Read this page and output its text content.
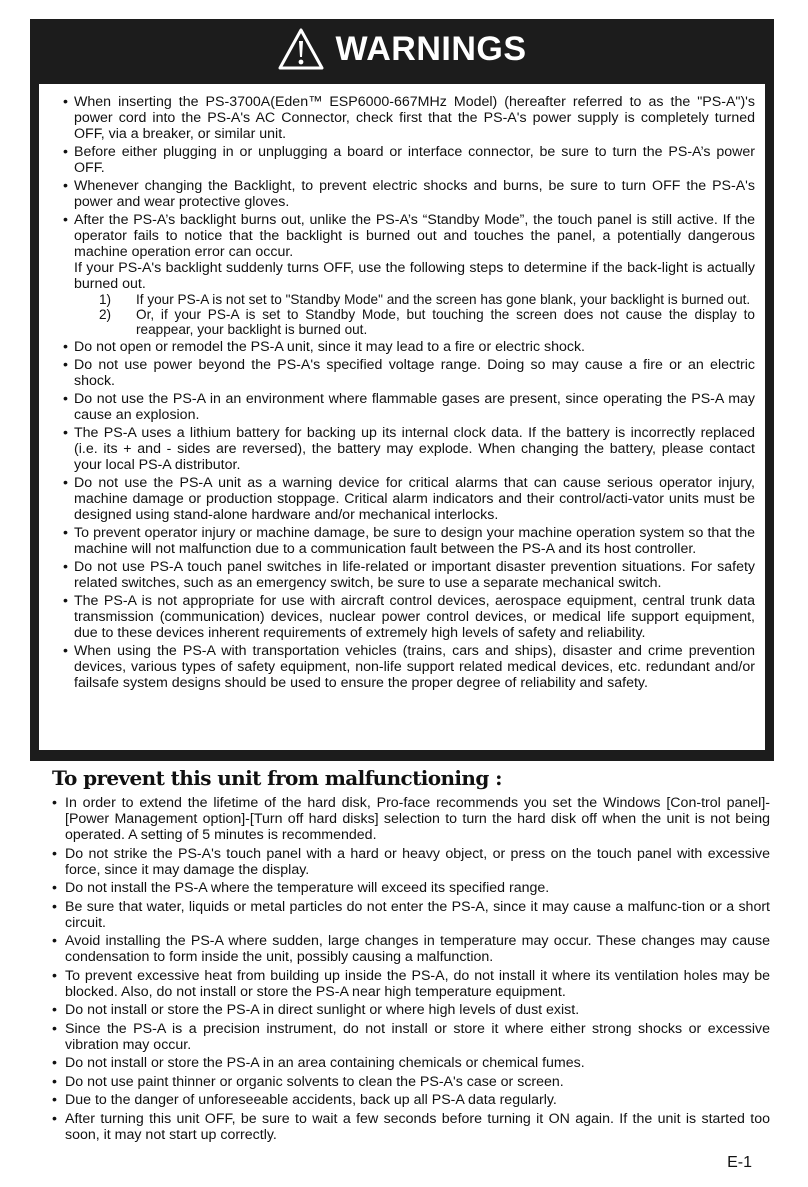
WARNINGS
• When inserting the PS-3700A(Eden™ ESP6000-667MHz Model) (hereafter referred to as the "PS-A")'s power cord into the PS-A's AC Connector, check first that the PS-A's power supply is completely turned OFF, via a breaker, or similar unit.
• Before either plugging in or unplugging a board or interface connector, be sure to turn the PS-A’s power OFF.
• Whenever changing the Backlight, to prevent electric shocks and burns, be sure to turn OFF the PS-A's power and wear protective gloves.
• After the PS-A’s backlight burns out, unlike the PS-A’s “Standby Mode”, the touch panel is still active. If the operator fails to notice that the backlight is burned out and touches the panel, a potentially dangerous machine operation error can occur.
If your PS-A's backlight suddenly turns OFF, use the following steps to determine if the back-light is actually burned out.
1) If your PS-A is not set to "Standby Mode" and the screen has gone blank, your backlight is burned out.
2) Or, if your PS-A is set to Standby Mode, but touching the screen does not cause the display to reappear, your backlight is burned out.
• Do not open or remodel the PS-A unit, since it may lead to a fire or electric shock.
• Do not use power beyond the PS-A's specified voltage range. Doing so may cause a fire or an electric shock.
• Do not use the PS-A in an environment where flammable gases are present, since operating the PS-A may cause an explosion.
• The PS-A uses a lithium battery for backing up its internal clock data. If the battery is incorrectly replaced (i.e. its + and - sides are reversed), the battery may explode. When changing the battery, please contact your local PS-A distributor.
• Do not use the PS-A unit as a warning device for critical alarms that can cause serious operator injury, machine damage or production stoppage. Critical alarm indicators and their control/acti-vator units must be designed using stand-alone hardware and/or mechanical interlocks.
• To prevent operator injury or machine damage, be sure to design your machine operation system so that the machine will not malfunction due to a communication fault between the PS-A and its host controller.
• Do not use PS-A touch panel switches in life-related or important disaster prevention situations. For safety related switches, such as an emergency switch, be sure to use a separate mechanical switch.
• The PS-A is not appropriate for use with aircraft control devices, aerospace equipment, central trunk data transmission (communication) devices, nuclear power control devices, or medical life support equipment, due to these devices inherent requirements of extremely high levels of safety and reliability.
• When using the PS-A with transportation vehicles (trains, cars and ships), disaster and crime prevention devices, various types of safety equipment, non-life support related medical devices, etc. redundant and/or failsafe system designs should be used to ensure the proper degree of reliability and safety.
To prevent this unit from malfunctioning :
• In order to extend the lifetime of the hard disk, Pro-face recommends you set the Windows [Con-trol panel]-[Power Management option]-[Turn off hard disks] selection to turn the hard disk off when the unit is not being operated. A setting of 5 minutes is recommended.
• Do not strike the PS-A's touch panel with a hard or heavy object, or press on the touch panel with excessive force, since it may damage the display.
• Do not install the PS-A where the temperature will exceed its specified range.
• Be sure that water, liquids or metal particles do not enter the PS-A, since it may cause a malfunc-tion or a short circuit.
• Avoid installing the PS-A where sudden, large changes in temperature may occur. These changes may cause condensation to form inside the unit, possibly causing a malfunction.
• To prevent excessive heat from building up inside the PS-A, do not install it where its ventilation holes may be blocked. Also, do not install or store the PS-A near high temperature equipment.
• Do not install or store the PS-A in direct sunlight or where high levels of dust exist.
• Since the PS-A is a precision instrument, do not install or store it where either strong shocks or excessive vibration may occur.
• Do not install or store the PS-A in an area containing chemicals or chemical fumes.
• Do not use paint thinner or organic solvents to clean the PS-A's case or screen.
• Due to the danger of unforeseeable accidents, back up all PS-A data regularly.
• After turning this unit OFF, be sure to wait a few seconds before turning it ON again. If the unit is started too soon, it may not start up correctly.
E-1
